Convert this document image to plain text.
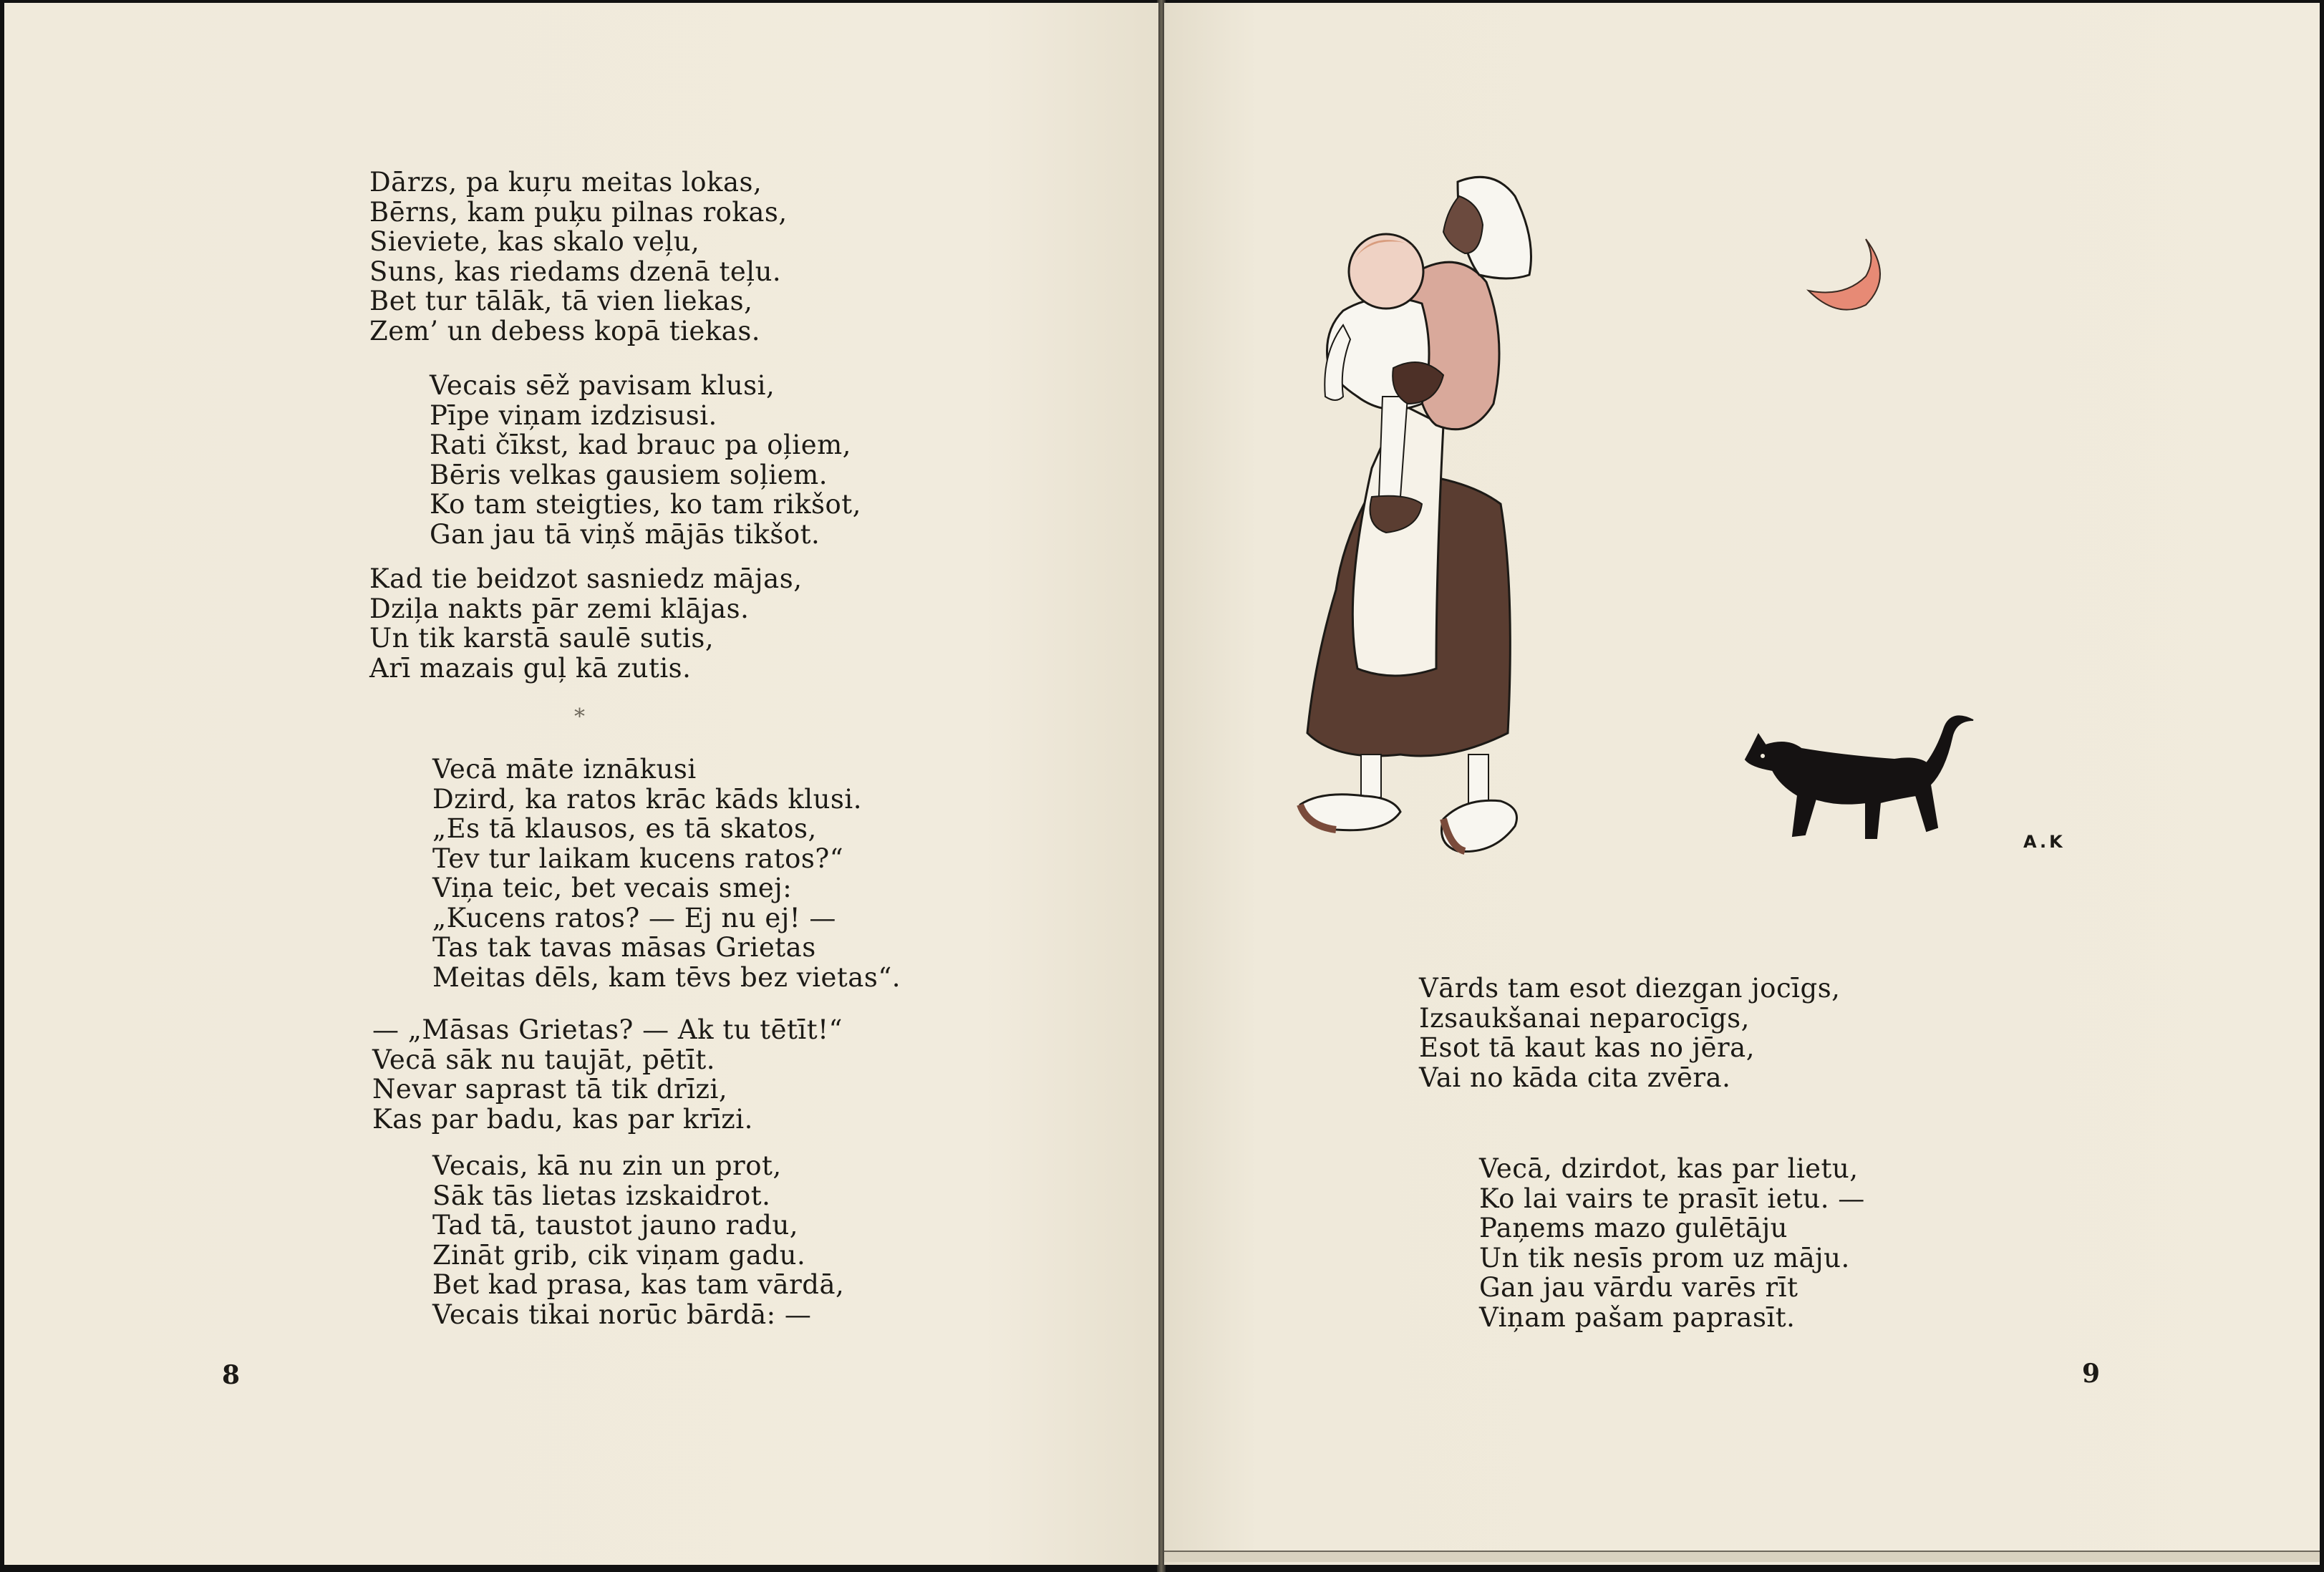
Dārzs, pa kuŗu meitas lokas,
Bērns, kam puķu pilnas rokas,
Sieviete, kas skalo veļu,
Suns, kas riedams dzenā teļu.
Bet tur tālāk, tā vien liekas,
Zem’ un debess kopā tiekas.
Vecais sēž pavisam klusi,
Pīpe viņam izdzisusi.
Rati čīkst, kad brauc pa oļiem,
Bēris velkas gausiem soļiem.
Ko tam steigties, ko tam rikšot,
Gan jau tā viņš mājās tikšot.
Kad tie beidzot sasniedz mājas,
Dziļa nakts pār zemi klājas.
Un tik karstā saulē sutis,
Arī mazais guļ kā zutis.
*
Vecā māte iznākusi
Dzird, ka ratos krāc kāds klusi.
„Es tā klausos, es tā skatos,
Tev tur laikam kucens ratos?“
Viņa teic, bet vecais smej:
„Kucens ratos? — Ej nu ej! —
Tas tak tavas māsas Grietas
Meitas dēls, kam tēvs bez vietas“.
— „Māsas Grietas? — Ak tu tētīt!“
Vecā sāk nu taujāt, pētīt.
Nevar saprast tā tik drīzi,
Kas par badu, kas par krīzi.
Vecais, kā nu zin un prot,
Sāk tās lietas izskaidrot.
Tad tā, taustot jauno radu,
Zināt grib, cik viņam gadu.
Bet kad prasa, kas tam vārdā,
Vecais tikai norūc bārdā: —
8
A.K
Vārds tam esot diezgan jocīgs,
Izsaukšanai neparocīgs,
Esot tā kaut kas no jēra,
Vai no kāda cita zvēra.
Vecā, dzirdot, kas par lietu,
Ko lai vairs te prasīt ietu. —
Paņems mazo gulētāju
Un tik nesīs prom uz māju.
Gan jau vārdu varēs rīt
Viņam pašam paprasīt.
9
